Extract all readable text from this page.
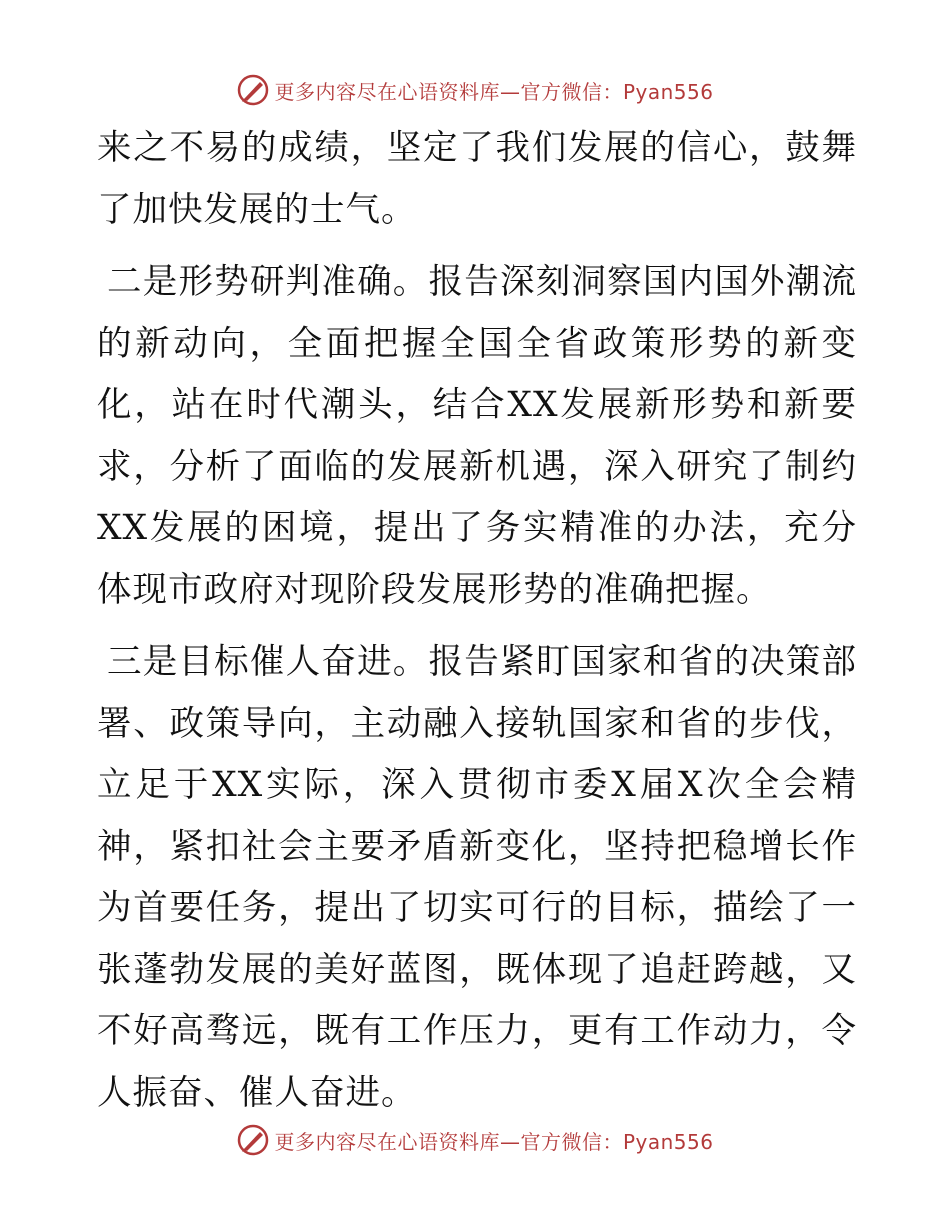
更多内容尽在心语资料库—官方微信：Pyan556

来之不易的成绩，坚定了我们发展的信心，鼓舞了加快发展的士气。

二是形势研判准确。报告深刻洞察国内国外潮流的新动向，全面把握全国全省政策形势的新变化，站在时代潮头，结合XX发展新形势和新要求，分析了面临的发展新机遇，深入研究了制约XX发展的困境，提出了务实精准的办法，充分体现市政府对现阶段发展形势的准确把握。

三是目标催人奋进。报告紧盯国家和省的决策部署、政策导向，主动融入接轨国家和省的步伐，立足于XX实际，深入贯彻市委X届X次全会精神，紧扣社会主要矛盾新变化，坚持把稳增长作为首要任务，提出了切实可行的目标，描绘了一张蓬勃发展的美好蓝图，既体现了追赶跨越，又不好高骛远，既有工作压力，更有工作动力，令人振奋、催人奋进。

更多内容尽在心语资料库—官方微信：Pyan556
